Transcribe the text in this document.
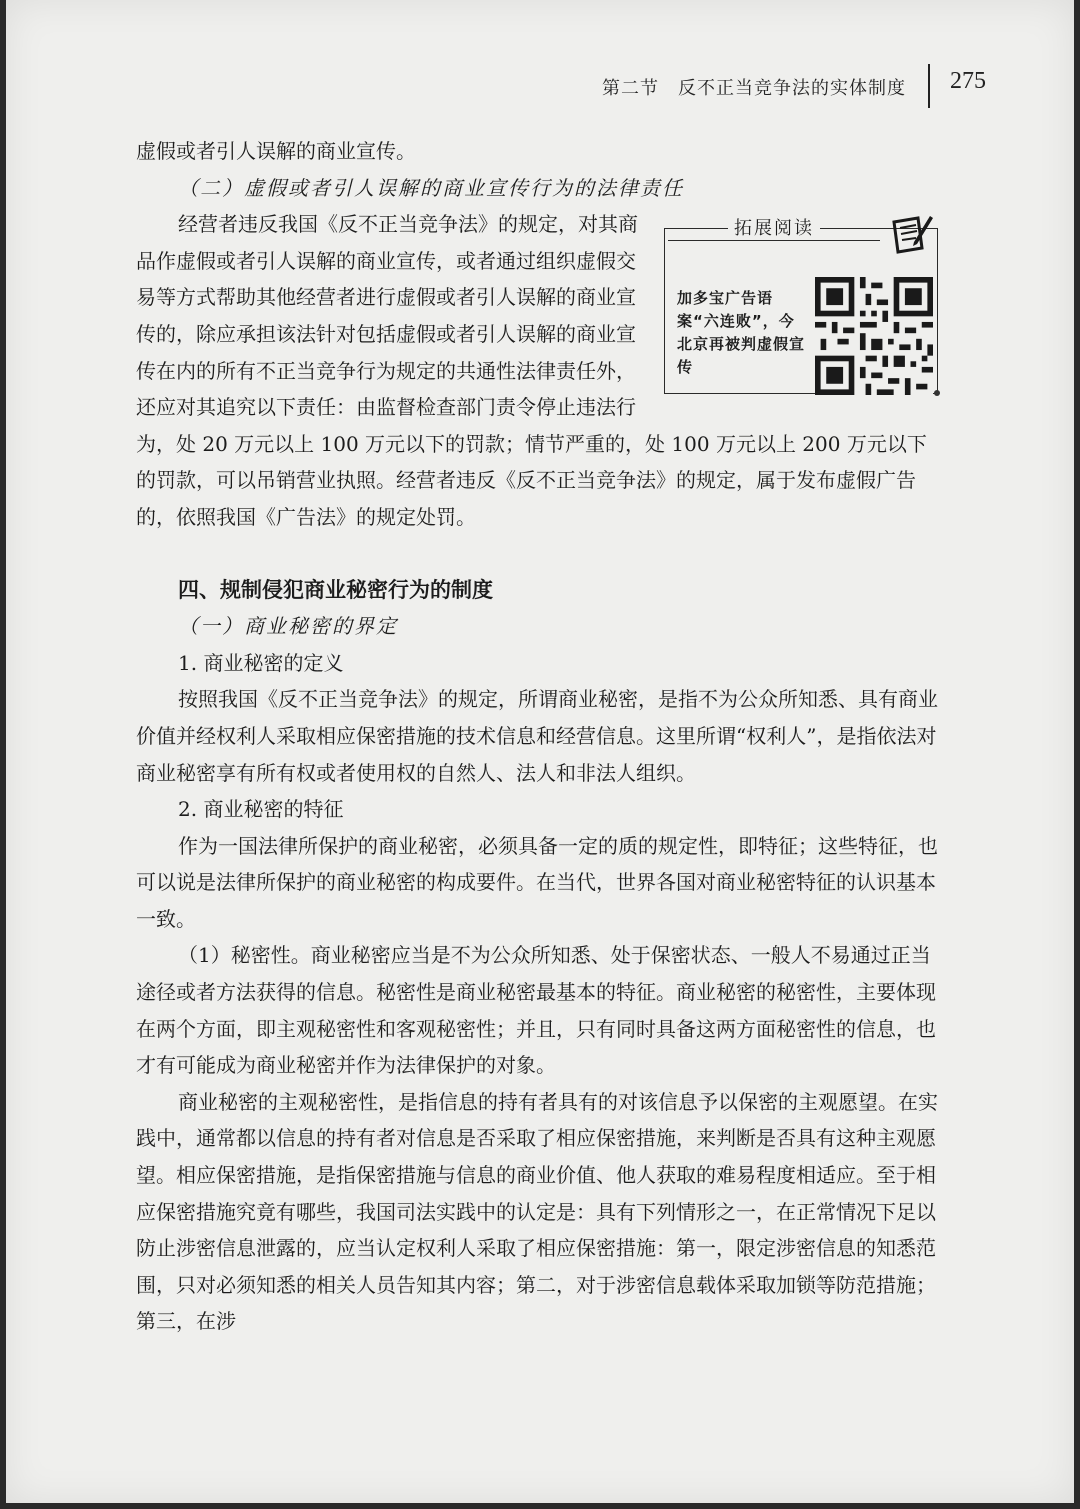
第二节　反不正当竞争法的实体制度 275

虚假或者引人误解的商业宣传。

（二）虚假或者引人误解的商业宣传行为的法律责任

加多宝广告语案“六连败”，今北京再被判虚假宣传
拓展阅读

经营者违反我国《反不正当竞争法》的规定，对其商品作虚假或者引人误解的商业宣传，或者通过组织虚假交易等方式帮助其他经营者进行虚假或者引人误解的商业宣传的，除应承担该法针对包括虚假或者引人误解的商业宣传在内的所有不正当竞争行为规定的共通性法律责任外，还应对其追究以下责任：由监督检查部门责令停止违法行为，处 20 万元以上 100 万元以下的罚款；情节严重的，处 100 万元以上 200 万元以下的罚款，可以吊销营业执照。经营者违反《反不正当竞争法》的规定，属于发布虚假广告的，依照我国《广告法》的规定处罚。

四、规制侵犯商业秘密行为的制度

（一）商业秘密的界定

1. 商业秘密的定义

按照我国《反不正当竞争法》的规定，所谓商业秘密，是指不为公众所知悉、具有商业价值并经权利人采取相应保密措施的技术信息和经营信息。这里所谓“权利人”，是指依法对商业秘密享有所有权或者使用权的自然人、法人和非法人组织。

2. 商业秘密的特征

作为一国法律所保护的商业秘密，必须具备一定的质的规定性，即特征；这些特征，也可以说是法律所保护的商业秘密的构成要件。在当代，世界各国对商业秘密特征的认识基本一致。

（1）秘密性。商业秘密应当是不为公众所知悉、处于保密状态、一般人不易通过正当途径或者方法获得的信息。秘密性是商业秘密最基本的特征。商业秘密的秘密性，主要体现在两个方面，即主观秘密性和客观秘密性；并且，只有同时具备这两方面秘密性的信息，也才有可能成为商业秘密并作为法律保护的对象。

商业秘密的主观秘密性，是指信息的持有者具有的对该信息予以保密的主观愿望。在实践中，通常都以信息的持有者对信息是否采取了相应保密措施，来判断是否具有这种主观愿望。相应保密措施，是指保密措施与信息的商业价值、他人获取的难易程度相适应。至于相应保密措施究竟有哪些，我国司法实践中的认定是：具有下列情形之一，在正常情况下足以防止涉密信息泄露的，应当认定权利人采取了相应保密措施：第一，限定涉密信息的知悉范围，只对必须知悉的相关人员告知其内容；第二，对于涉密信息载体采取加锁等防范措施；第三，在涉
